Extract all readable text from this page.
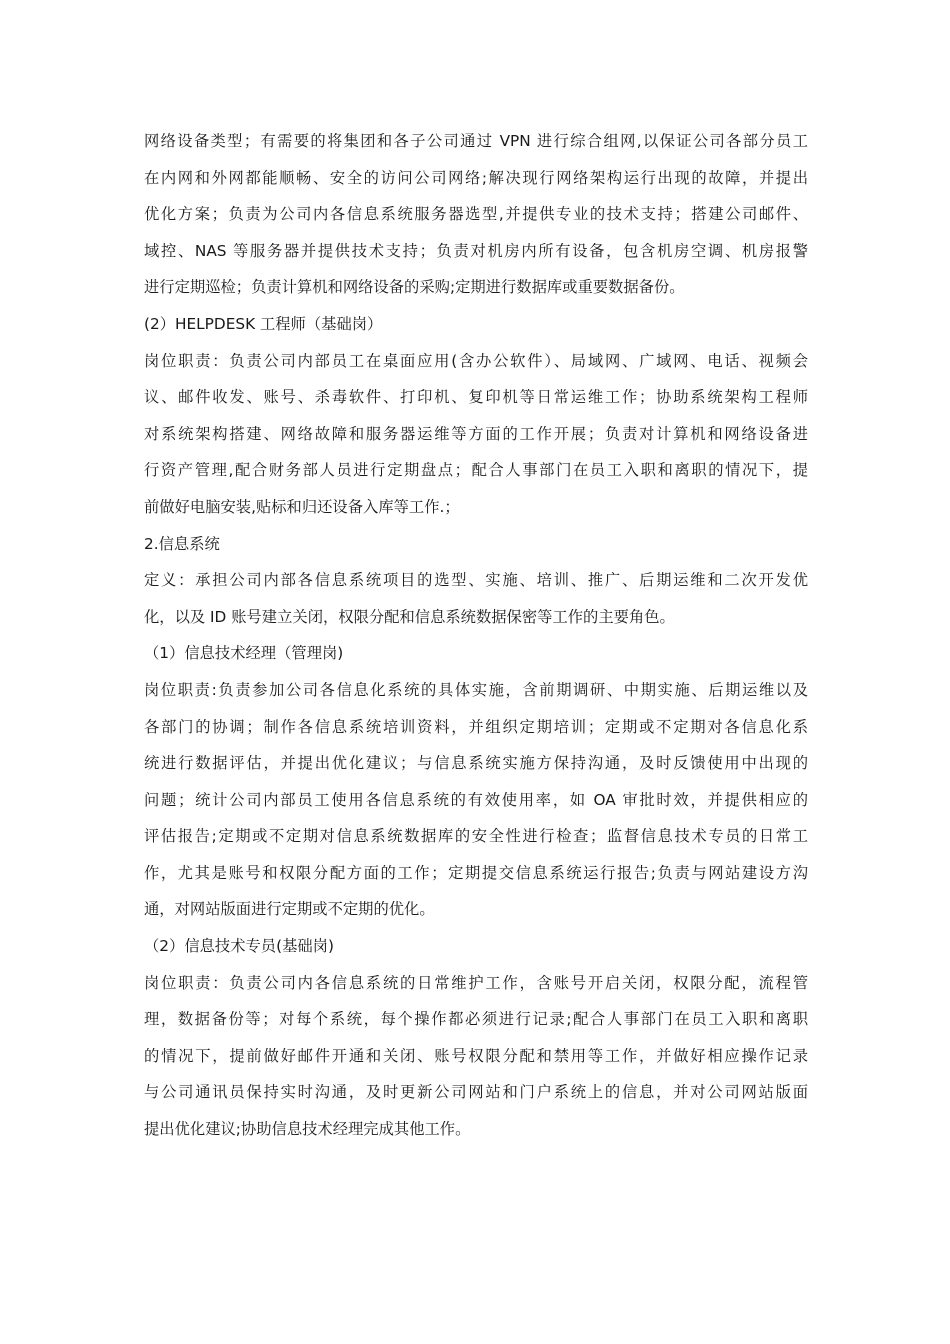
网络设备类型；有需要的将集团和各子公司通过 VPN 进行综合组网,以保证公司各部分员工
在内网和外网都能顺畅、安全的访问公司网络;解决现行网络架构运行出现的故障，并提出
优化方案；负责为公司内各信息系统服务器选型,并提供专业的技术支持；搭建公司邮件、
域控、NAS 等服务器并提供技术支持；负责对机房内所有设备，包含机房空调、机房报警
进行定期巡检；负责计算机和网络设备的采购;定期进行数据库或重要数据备份。
(2）HELPDESK 工程师（基础岗）
岗位职责：负责公司内部员工在桌面应用(含办公软件）、局域网、广域网、电话、视频会
议、邮件收发、账号、杀毒软件、打印机、复印机等日常运维工作；协助系统架构工程师
对系统架构搭建、网络故障和服务器运维等方面的工作开展；负责对计算机和网络设备进
行资产管理,配合财务部人员进行定期盘点；配合人事部门在员工入职和离职的情况下，提
前做好电脑安装,贴标和归还设备入库等工作.；
2.信息系统
定义：承担公司内部各信息系统项目的选型、实施、培训、推广、后期运维和二次开发优
化，以及 ID 账号建立关闭，权限分配和信息系统数据保密等工作的主要角色。
（1）信息技术经理（管理岗)
岗位职责:负责参加公司各信息化系统的具体实施，含前期调研、中期实施、后期运维以及
各部门的协调；制作各信息系统培训资料，并组织定期培训；定期或不定期对各信息化系
统进行数据评估，并提出优化建议；与信息系统实施方保持沟通，及时反馈使用中出现的
问题；统计公司内部员工使用各信息系统的有效使用率，如 OA 审批时效，并提供相应的
评估报告;定期或不定期对信息系统数据库的安全性进行检查；监督信息技术专员的日常工
作，尤其是账号和权限分配方面的工作；定期提交信息系统运行报告;负责与网站建设方沟
通，对网站版面进行定期或不定期的优化。
（2）信息技术专员(基础岗)
岗位职责：负责公司内各信息系统的日常维护工作，含账号开启关闭，权限分配，流程管
理，数据备份等；对每个系统，每个操作都必须进行记录;配合人事部门在员工入职和离职
的情况下，提前做好邮件开通和关闭、账号权限分配和禁用等工作，并做好相应操作记录
与公司通讯员保持实时沟通，及时更新公司网站和门户系统上的信息，并对公司网站版面
提出优化建议;协助信息技术经理完成其他工作。
